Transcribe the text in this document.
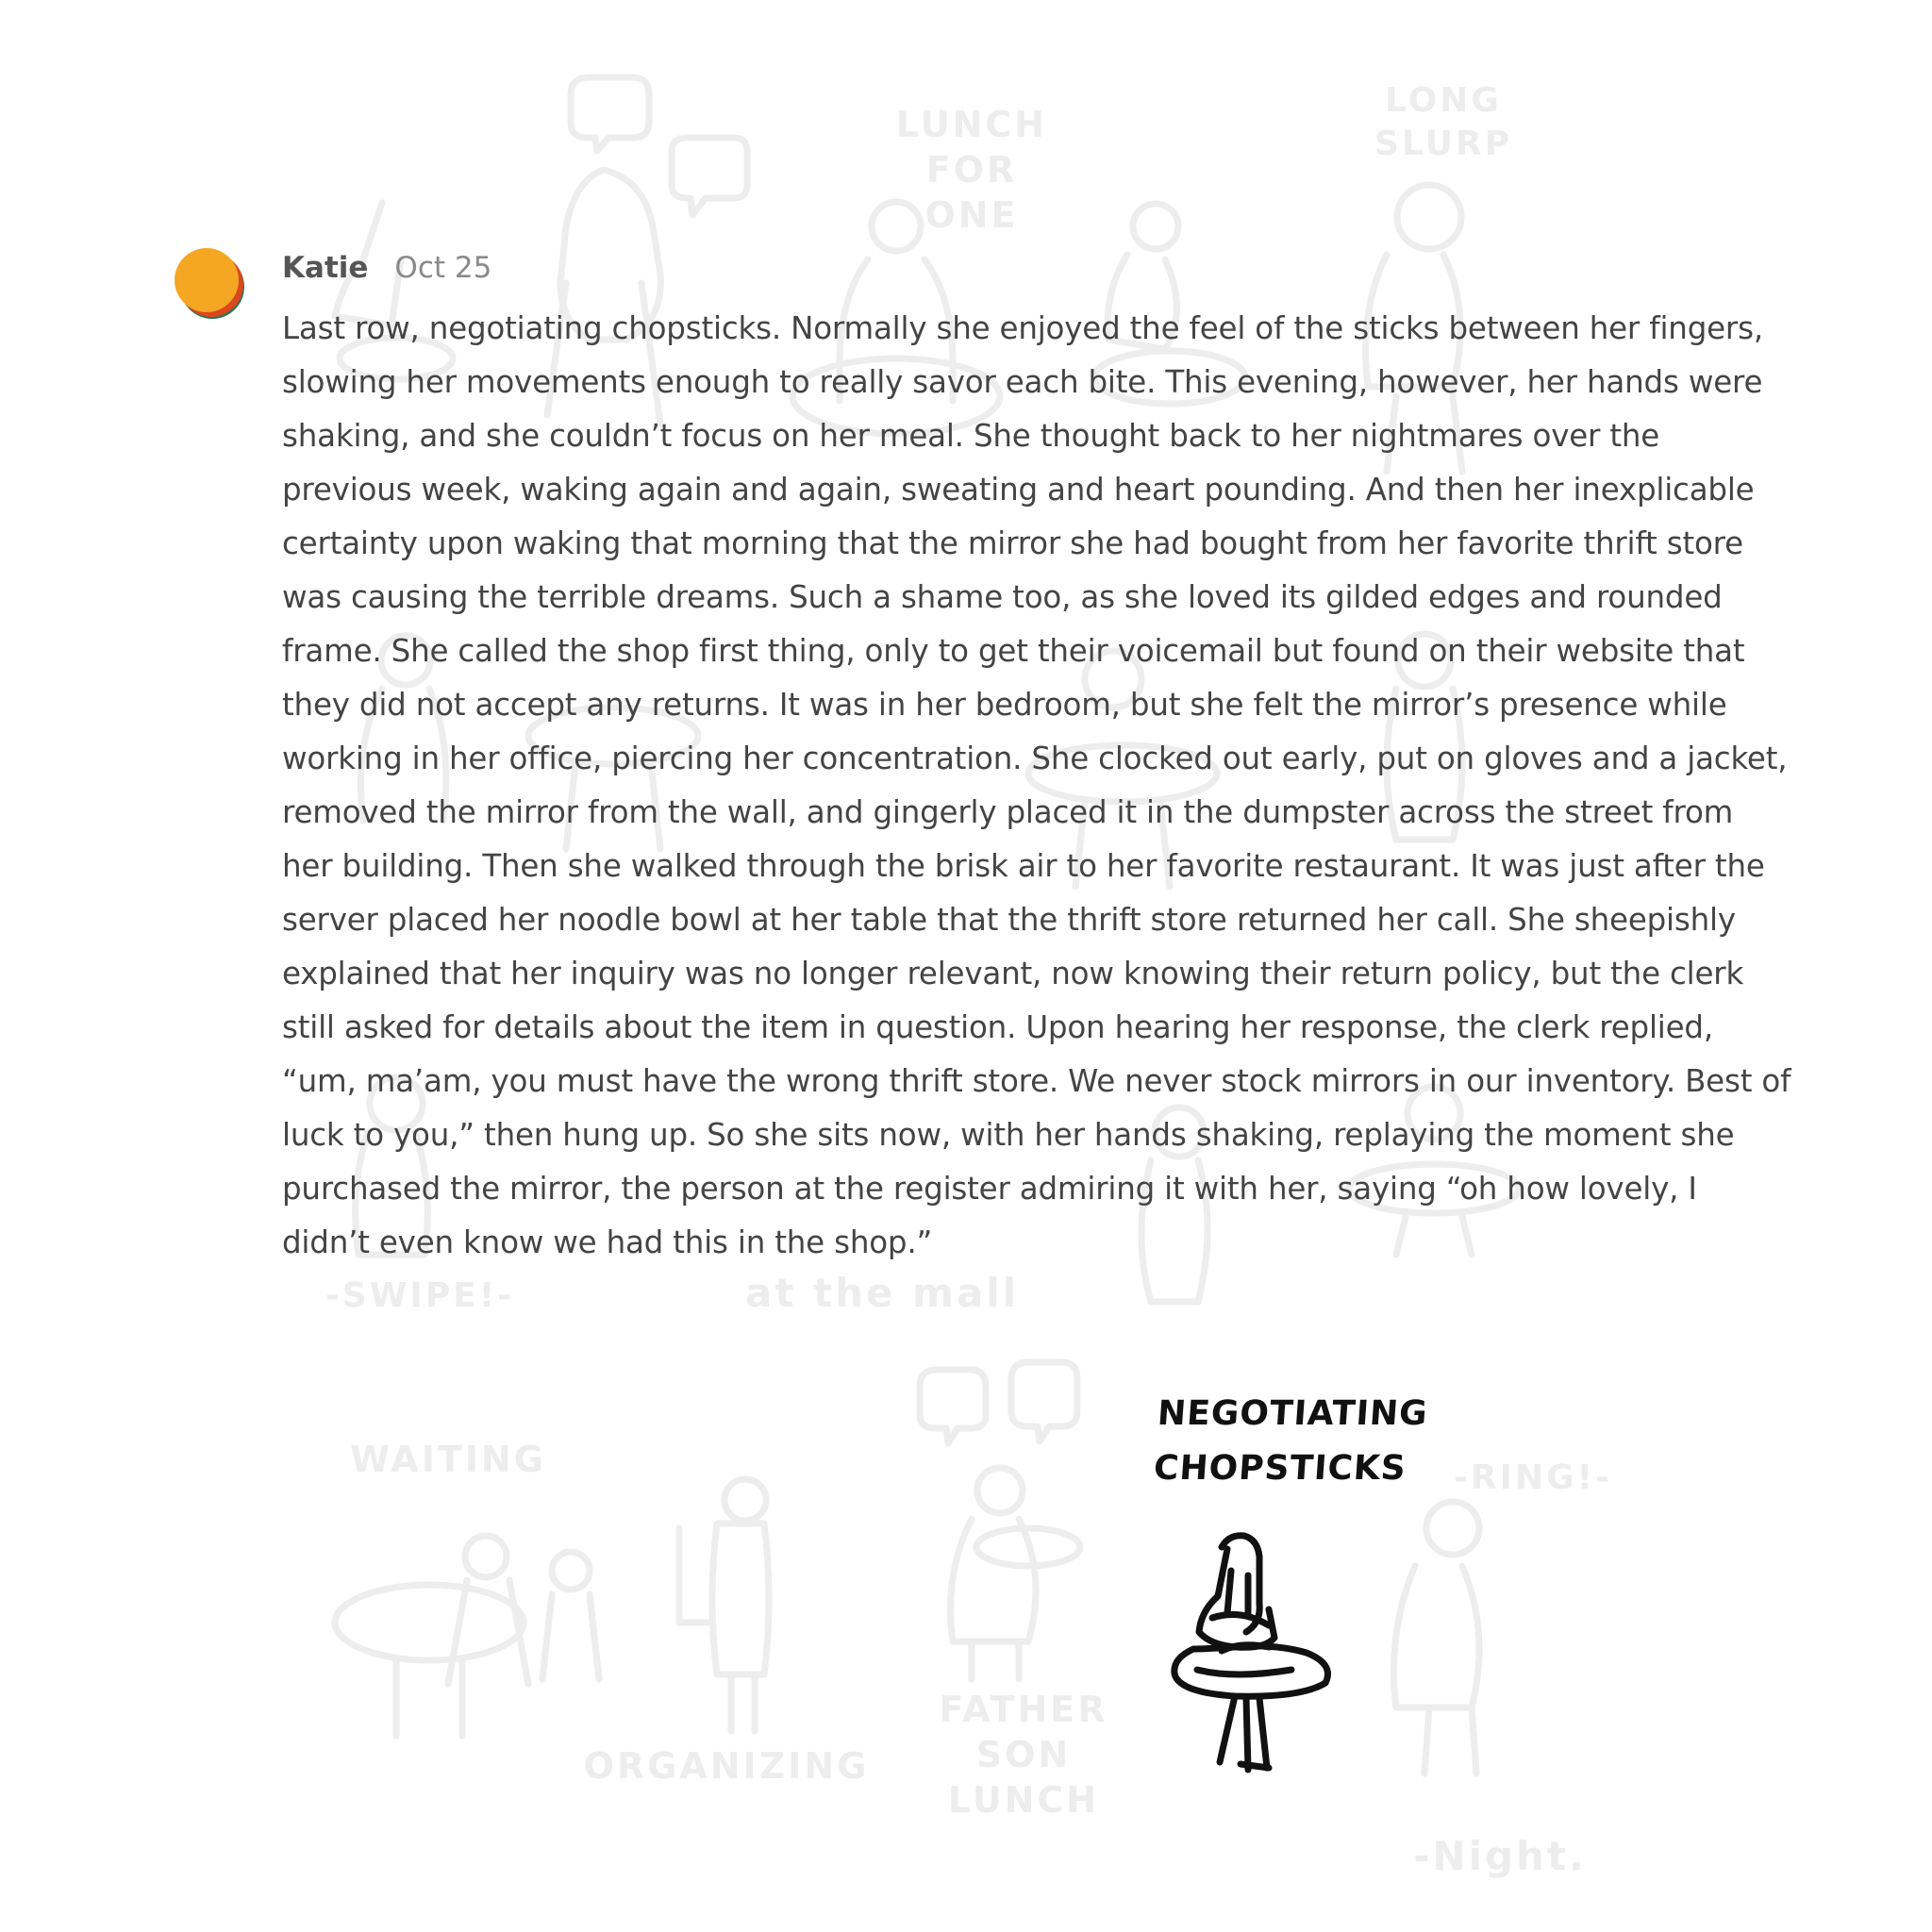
LUNCH
FOR
ONE
LONG
SLURP
-SWIPE!-	at the mall
WAITING
ORGANIZING
FATHER
SON
LUNCH
-RING!-
-Night.
Katie Oct 25
Last row, negotiating chopsticks. Normally she enjoyed the feel of the sticks between her fingers, slowing her movements enough to really savor each bite. This evening, however, her hands were shaking, and she couldn’t focus on her meal. She thought back to her nightmares over the previous week, waking again and again, sweating and heart pounding. And then her inexplicable certainty upon waking that morning that the mirror she had bought from her favorite thrift store was causing the terrible dreams. Such a shame too, as she loved its gilded edges and rounded frame. She called the shop first thing, only to get their voicemail but found on their website that they did not accept any returns. It was in her bedroom, but she felt the mirror’s presence while working in her office, piercing her concentration. She clocked out early, put on gloves and a jacket, removed the mirror from the wall, and gingerly placed it in the dumpster across the street from her building. Then she walked through the brisk air to her favorite restaurant. It was just after the server placed her noodle bowl at her table that the thrift store returned her call. She sheepishly explained that her inquiry was no longer relevant, now knowing their return policy, but the clerk still asked for details about the item in question. Upon hearing her response, the clerk replied, “um, ma’am, you must have the wrong thrift store. We never stock mirrors in our inventory. Best of luck to you,” then hung up. So she sits now, with her hands shaking, replaying the moment she purchased the mirror, the person at the register admiring it with her, saying “oh how lovely, I didn’t even know we had this in the shop.”
NEGOTIATING
CHOPSTICKS
